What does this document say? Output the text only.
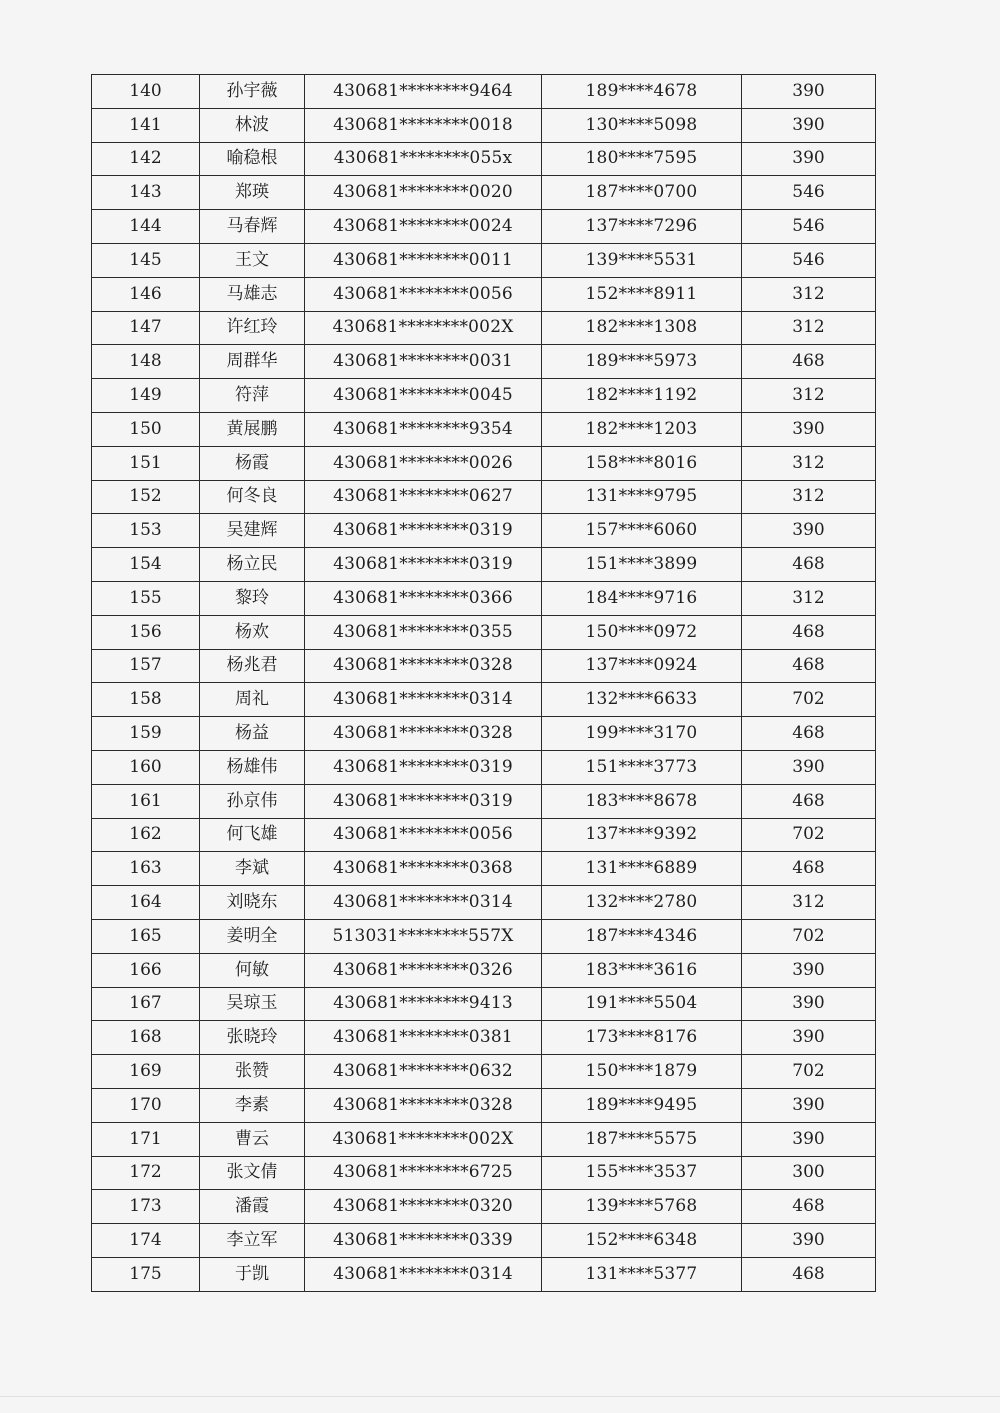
140	孙宇薇	430681********9464	189****4678	390
141	林波	430681********0018	130****5098	390
142	喻稳根	430681********055x	180****7595	390
143	郑瑛	430681********0020	187****0700	546
144	马春辉	430681********0024	137****7296	546
145	王文	430681********0011	139****5531	546
146	马雄志	430681********0056	152****8911	312
147	许红玲	430681********002X	182****1308	312
148	周群华	430681********0031	189****5973	468
149	符萍	430681********0045	182****1192	312
150	黄展鹏	430681********9354	182****1203	390
151	杨霞	430681********0026	158****8016	312
152	何冬良	430681********0627	131****9795	312
153	吴建辉	430681********0319	157****6060	390
154	杨立民	430681********0319	151****3899	468
155	黎玲	430681********0366	184****9716	312
156	杨欢	430681********0355	150****0972	468
157	杨兆君	430681********0328	137****0924	468
158	周礼	430681********0314	132****6633	702
159	杨益	430681********0328	199****3170	468
160	杨雄伟	430681********0319	151****3773	390
161	孙京伟	430681********0319	183****8678	468
162	何飞雄	430681********0056	137****9392	702
163	李斌	430681********0368	131****6889	468
164	刘晓东	430681********0314	132****2780	312
165	姜明全	513031********557X	187****4346	702
166	何敏	430681********0326	183****3616	390
167	吴琼玉	430681********9413	191****5504	390
168	张晓玲	430681********0381	173****8176	390
169	张赞	430681********0632	150****1879	702
170	李素	430681********0328	189****9495	390
171	曹云	430681********002X	187****5575	390
172	张文倩	430681********6725	155****3537	300
173	潘霞	430681********0320	139****5768	468
174	李立军	430681********0339	152****6348	390
175	于凯	430681********0314	131****5377	468
